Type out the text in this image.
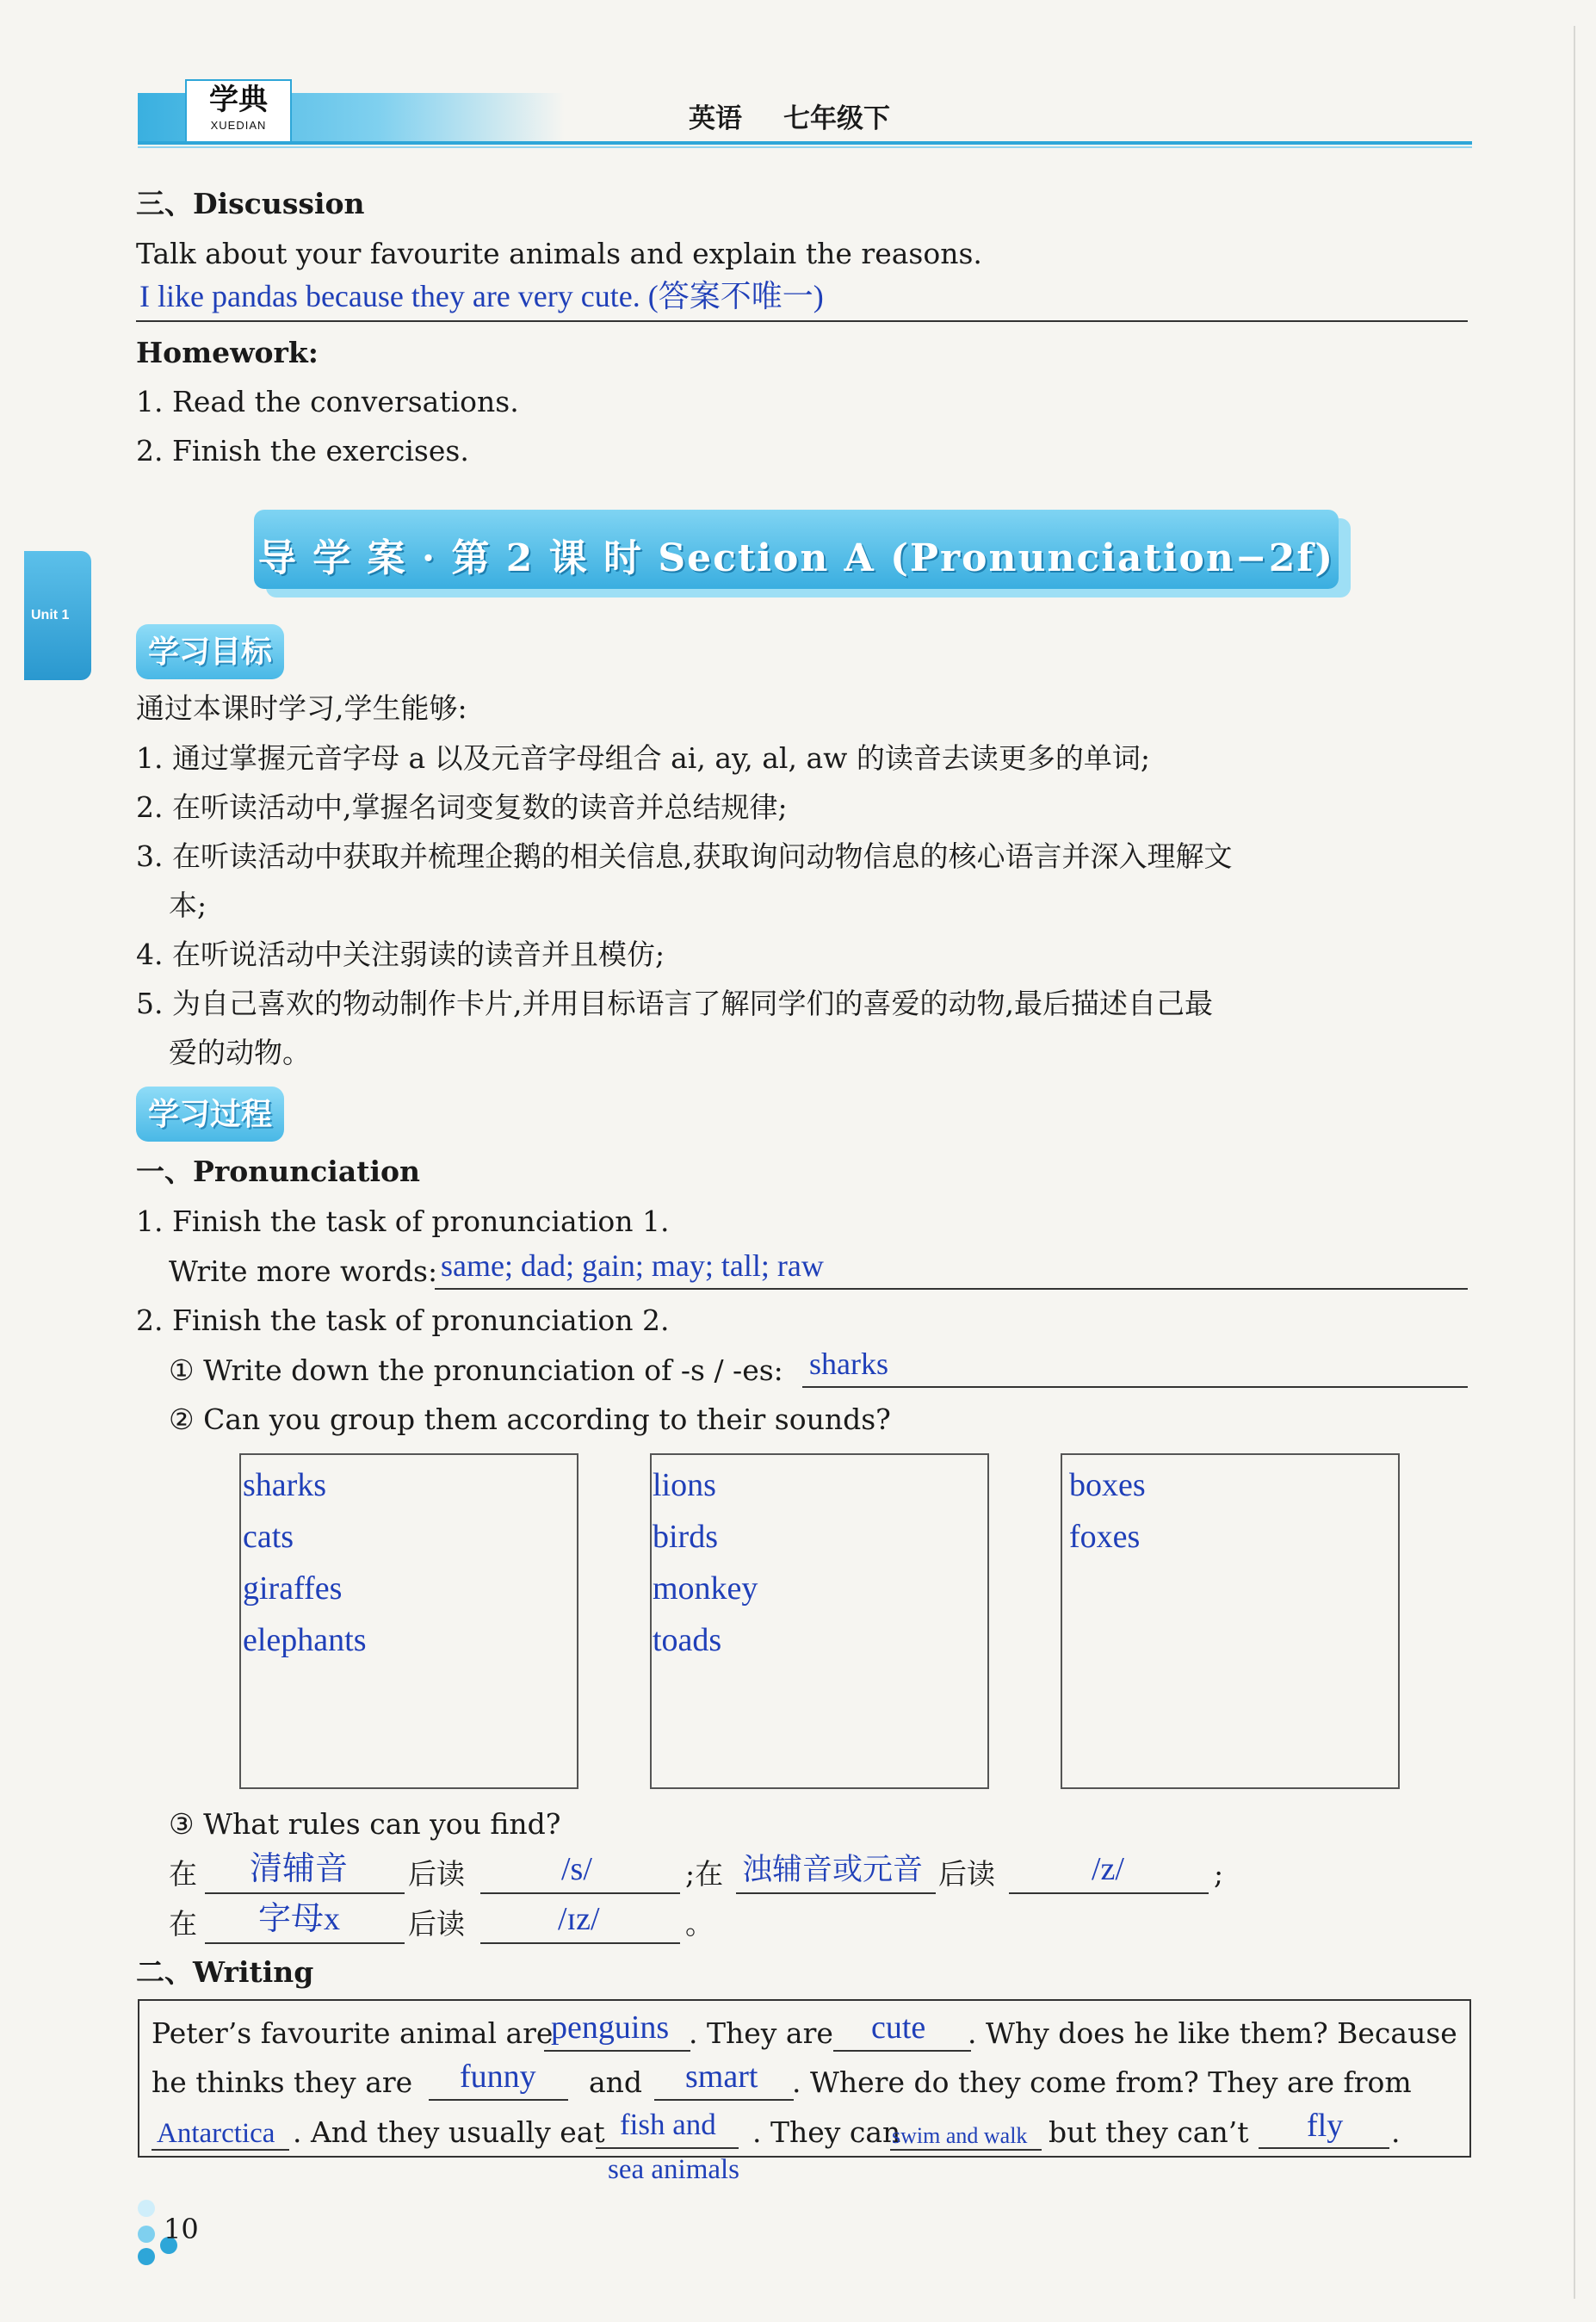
学典
XUEDIAN	英语 七年级下
Unit 1
三、Discussion
Talk about your favourite animals and explain the reasons.
I like pandas because they are very cute. (答案不唯一)
Homework:
1. Read the conversations.
2. Finish the exercises.
导 学 案 · 第 2 课 时 Section A (Pronunciation−2f)
学习目标
通过本课时学习,学生能够:
1. 通过掌握元音字母 a 以及元音字母组合 ai, ay, al, aw 的读音去读更多的单词;
2. 在听读活动中,掌握名词变复数的读音并总结规律;
3. 在听读活动中获取并梳理企鹅的相关信息,获取询问动物信息的核心语言并深入理解文
本;
4. 在听说活动中关注弱读的读音并且模仿;
5. 为自己喜欢的物动制作卡片,并用目标语言了解同学们的喜爱的动物,最后描述自己最
爱的动物。
学习过程
一、Pronunciation
1. Finish the task of pronunciation 1.
Write more words: same; dad; gain; may; tall; raw
2. Finish the task of pronunciation 2.
① Write down the pronunciation of -s / -es: sharks
② Can you group them according to their sounds?
sharks
cats
giraffes
elephants
lions
birds
monkey
toads
boxes
foxes
③ What rules can you find?
在 清辅音 后读	/s/	;在 浊辅音或元音 后读	/z/	;
在 字母x 后读	/ɪz/	。
二、Writing
Peter’s favourite animal are
penguins . They are cute . Why does he like them? Because
he thinks they are funny and smart . Where do they come from? They are from
Antarctica . And they usually eat fish and
sea animals
. They can
swim and walk but they can’t fly .
10
